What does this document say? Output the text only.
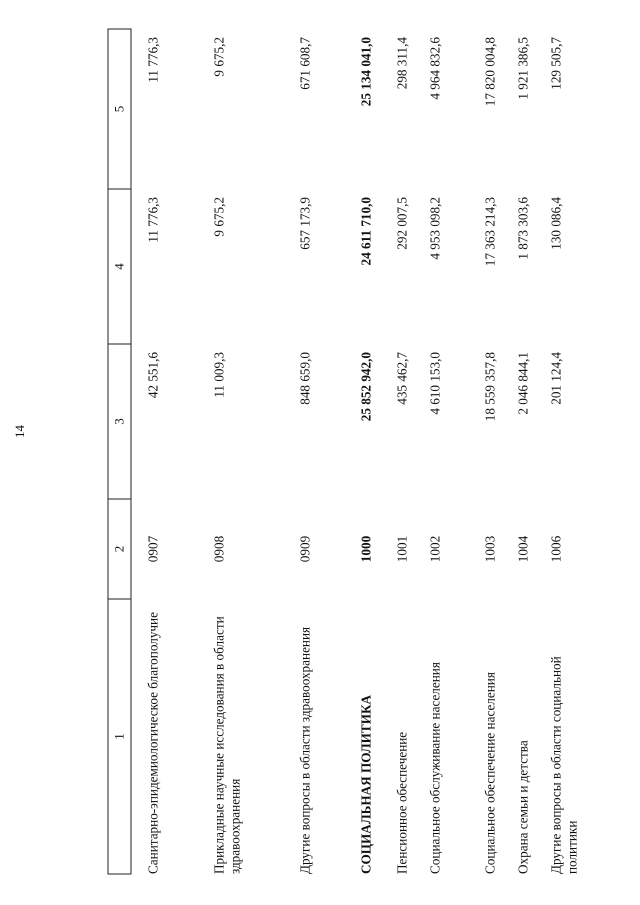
14
1	2	3	4	5
Санитарно-эпидемиологическое благополучие	0907	42 551,6	11 776,3	11 776,3
Прикладные научные исследования в области здравоохранения	0908	11 009,3	9 675,2	9 675,2
Другие вопросы в области здравоохранения	0909	848 659,0	657 173,9	671 608,7
СОЦИАЛЬНАЯ ПОЛИТИКА	1000	25 852 942,0	24 611 710,0	25 134 041,0
Пенсионное обеспечение	1001	435 462,7	292 007,5	298 311,4
Социальное обслуживание населения	1002	4 610 153,0	4 953 098,2	4 964 832,6
Социальное обеспечение населения	1003	18 559 357,8	17 363 214,3	17 820 004,8
Охрана семьи и детства	1004	2 046 844,1	1 873 303,6	1 921 386,5
Другие вопросы в области социальной политики	1006	201 124,4	130 086,4	129 505,7
